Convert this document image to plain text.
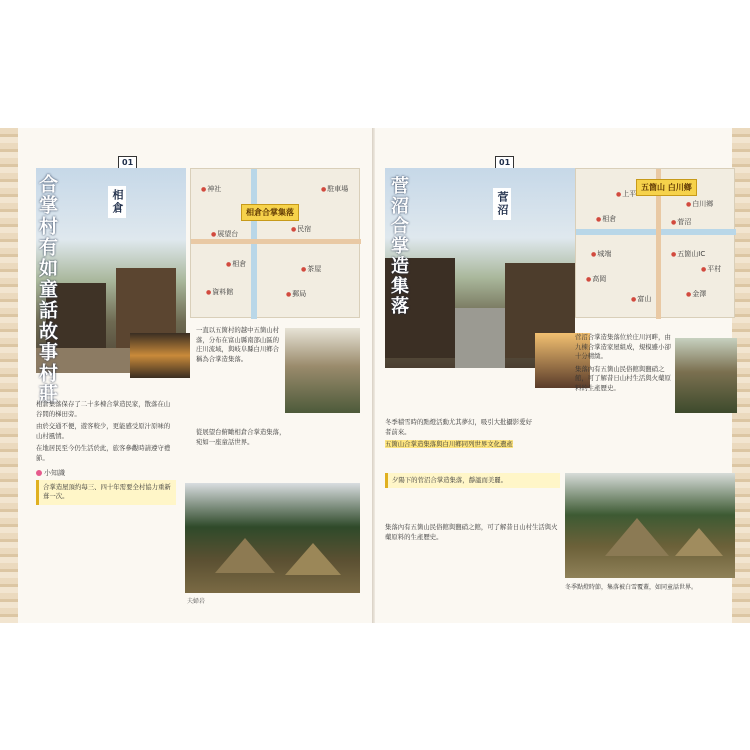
01
合掌村有如童話故事村莊	相倉	相倉合掌集落
● 展望台
● 民宿
● 相倉
● 茶屋
● 資料館
●	郵局
● 駐車場
● 神社

一直以五箇村的越中五箇山村落，分布在富山縣南部山區的庄川流域，與岐阜縣白川鄉合稱為合掌造集落。

相倉集落保存了二十多棟合掌造民家，散落在山谷間的梯田旁。

由於交通不便，遊客較少，更能感受原汁原味的山村風情。

在地居民至今仍生活於此，旅客參觀時請遵守禮節。

小知識
合掌造屋頂約每三、四十年需要全村協力重新葺一次。
從展望台俯瞰相倉合掌造集落，宛如一座童話世界。
夫婦岩
01
菅沼合掌造集落	菅沼
五箇山 白川鄉
● 白川鄉
● 菅沼
● 相倉
● 城端
● 高岡
● 富山
● 金澤
● 五箇山IC
● 上平
● 平村

菅沼合掌造集落位於庄川河畔，由九棟合掌造家屋組成，規模雖小卻十分精緻。

集落內有五箇山民俗館與鹽硝之館，可了解昔日山村生活與火藥原料的生產歷史。

冬季積雪時的點燈活動尤其夢幻，吸引大批攝影愛好者前來。

五箇山合掌造集落與白川鄉同列世界文化遺產

夕陽下的菅沼合掌造集落，靜謐而美麗。
冬季點燈時節，集落被白雪覆蓋，如同童話世界。

集落內有五箇山民俗館與鹽硝之館，可了解昔日山村生活與火藥原料的生產歷史。
